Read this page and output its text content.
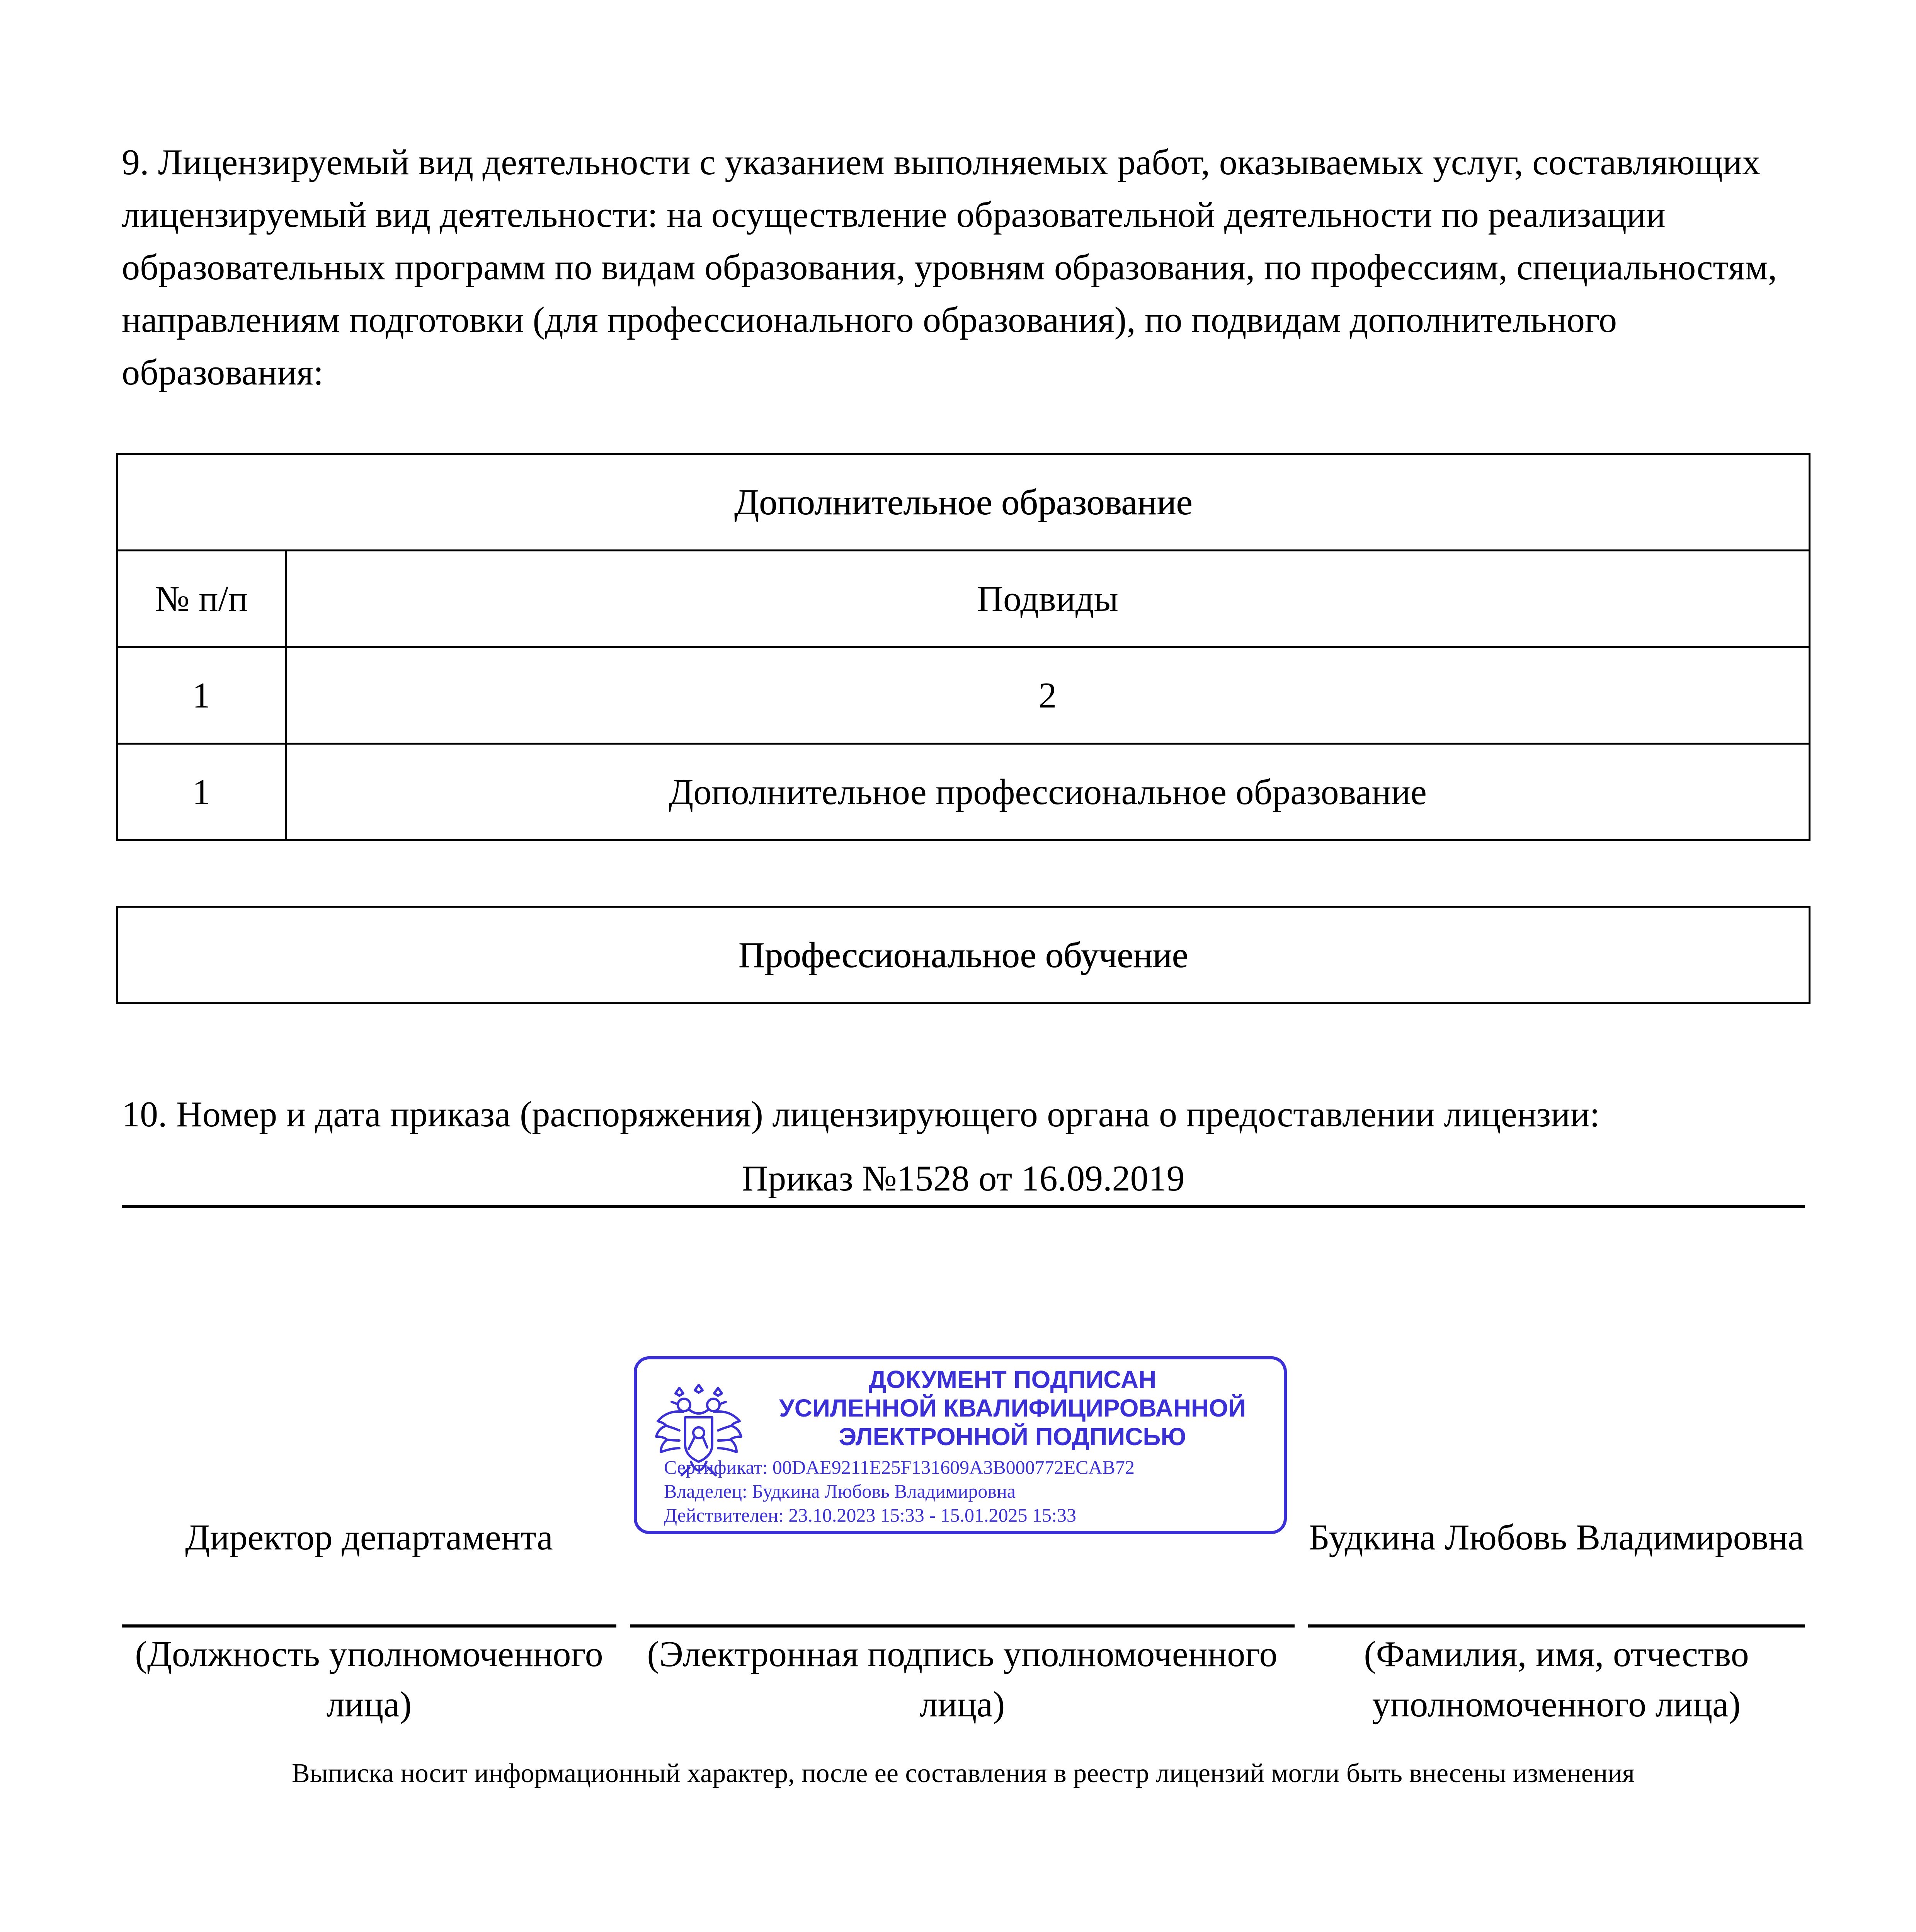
9. Лицензируемый вид деятельности с указанием выполняемых работ, оказываемых услуг, составляющих лицензируемый вид деятельности: на осуществление образовательной деятельности по реализации образовательных программ по видам образования, уровням образования, по профессиям, специальностям, направлениям подготовки (для профессионального образования), по подвидам дополнительного образования:

Дополнительное образование	
№ п/п	Подвиды
1	2
1	Дополнительное профессиональное образование
Профессиональное обучение

10. Номер и дата приказа (распоряжения) лицензирующего органа о предоставлении лицензии:

Приказ №1528 от 16.09.2019
ДОКУМЕНТ ПОДПИСАН
УСИЛЕННОЙ КВАЛИФИЦИРОВАННОЙ
ЭЛЕКТРОННОЙ ПОДПИСЬЮ
Сертификат: 00DAE9211E25F131609A3B000772ECAB72
Владелец: Будкина Любовь Владимировна
Действителен: 23.10.2023 15:33 - 15.01.2025 15:33
Директор департамента	Будкина Любовь Владимировна
(Должность уполномоченного лица)
(Электронная подпись уполномоченного лица)
(Фамилия, имя, отчество уполномоченного лица)
Выписка носит информационный характер, после ее составления в реестр лицензий могли быть внесены изменения
